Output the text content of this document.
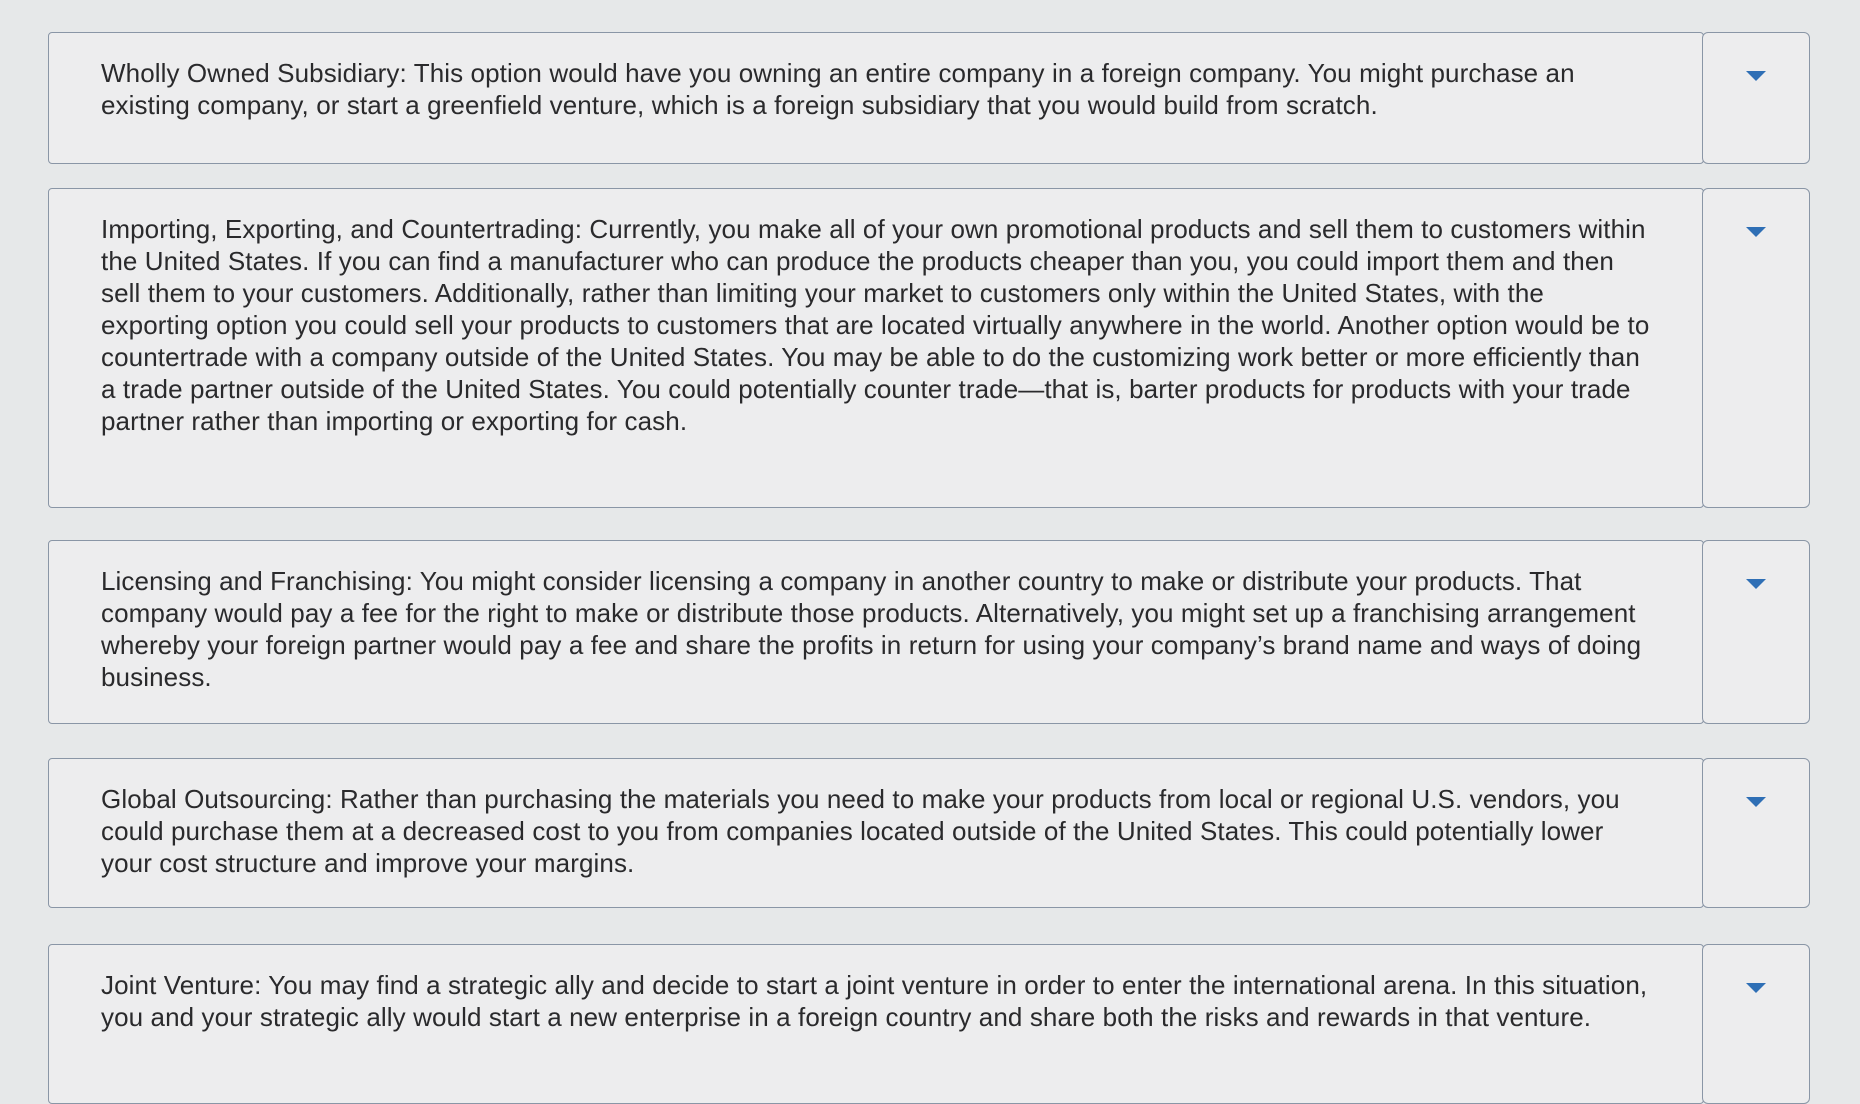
Wholly Owned Subsidiary: This option would have you owning an entire company in a foreign company. You might purchase an existing company, or start a greenfield venture, which is a foreign subsidiary that you would build from scratch.
Importing, Exporting, and Countertrading: Currently, you make all of your own promotional products and sell them to customers within the United States. If you can find a manufacturer who can produce the products cheaper than you, you could import them and then sell them to your customers. Additionally, rather than limiting your market to customers only within the United States, with the exporting option you could sell your products to customers that are located virtually anywhere in the world. Another option would be to countertrade with a company outside of the United States. You may be able to do the customizing work better or more efficiently than a trade partner outside of the United States. You could potentially counter trade—that is, barter products for products with your trade partner rather than importing or exporting for cash.
Licensing and Franchising: You might consider licensing a company in another country to make or distribute your products. That company would pay a fee for the right to make or distribute those products. Alternatively, you might set up a franchising arrangement whereby your foreign partner would pay a fee and share the profits in return for using your company’s brand name and ways of doing business.
Global Outsourcing: Rather than purchasing the materials you need to make your products from local or regional U.S. vendors, you could purchase them at a decreased cost to you from companies located outside of the United States. This could potentially lower your cost structure and improve your margins.
Joint Venture: You may find a strategic ally and decide to start a joint venture in order to enter the international arena. In this situation, you and your strategic ally would start a new enterprise in a foreign country and share both the risks and rewards in that venture.
